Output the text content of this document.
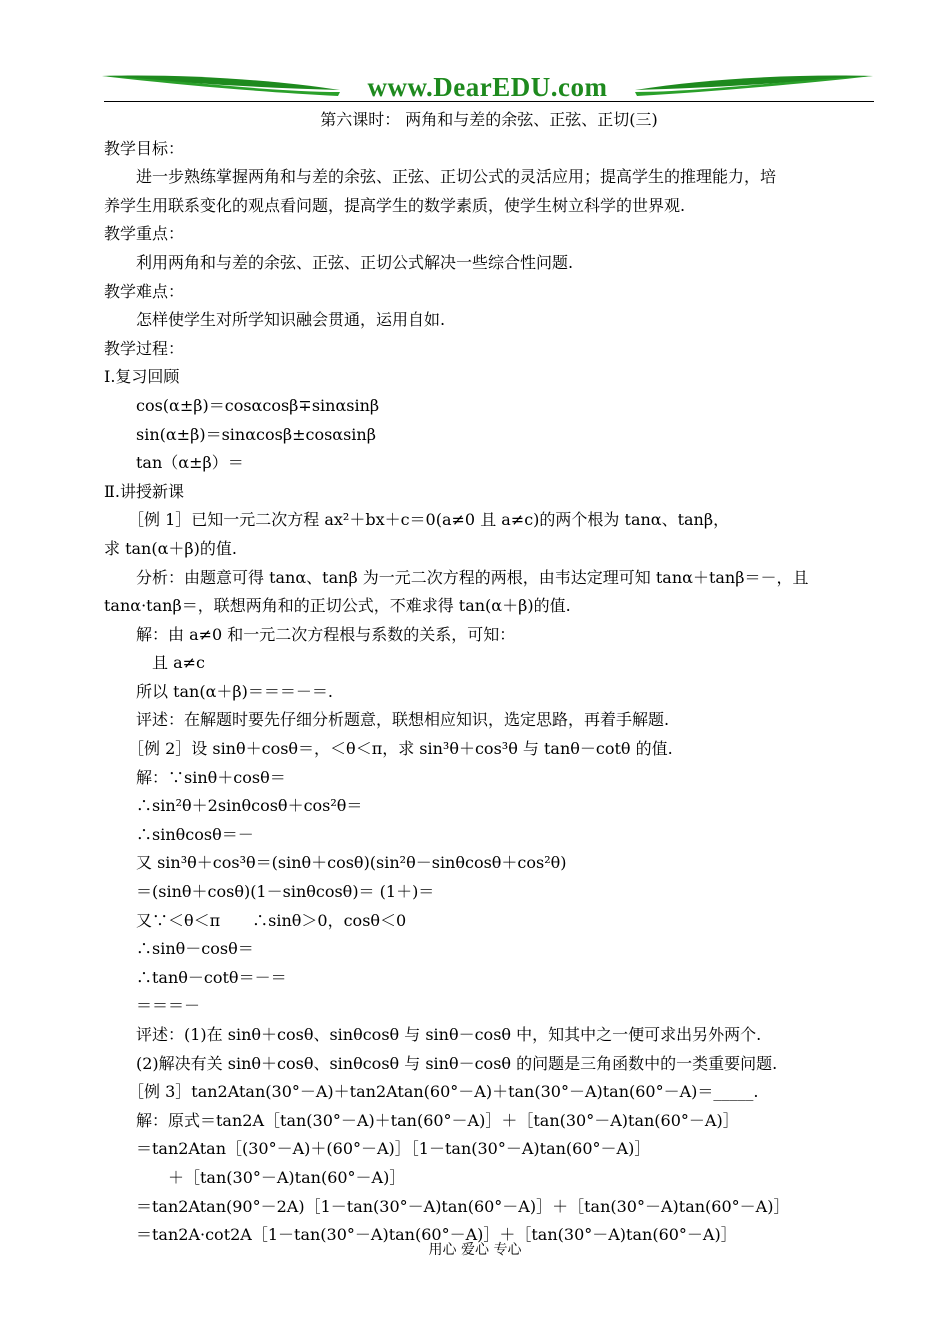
www.DearEDU.com
第六课时： 两角和与差的余弦、正弦、正切(三)
教学目标：
　　进一步熟练掌握两角和与差的余弦、正弦、正切公式的灵活应用；提高学生的推理能力，培
养学生用联系变化的观点看问题，提高学生的数学素质，使学生树立科学的世界观.
教学重点：
　　利用两角和与差的余弦、正弦、正切公式解决一些综合性问题.
教学难点：
　　怎样使学生对所学知识融会贯通，运用自如.
教学过程：
Ⅰ.复习回顾
　　cos(α±β)＝cosαcosβ∓sinαsinβ
　　sin(α±β)＝sinαcosβ±cosαsinβ
　　tan（α±β）＝
Ⅱ.讲授新课
　　［例 1］已知一元二次方程 ax²＋bx＋c＝0(a≠0 且 a≠c)的两个根为 tanα、tanβ，
求 tan(α＋β)的值.
　　分析：由题意可得 tanα、tanβ 为一元二次方程的两根，由韦达定理可知 tanα＋tanβ＝－，且
tanα·tanβ＝，联想两角和的正切公式，不难求得 tan(α＋β)的值.
　　解：由 a≠0 和一元二次方程根与系数的关系，可知：
　　　且 a≠c
　　所以 tan(α＋β)＝＝＝－＝.
　　评述：在解题时要先仔细分析题意，联想相应知识，选定思路，再着手解题.
　　［例 2］设 sinθ＋cosθ＝，＜θ＜π，求 sin³θ＋cos³θ 与 tanθ－cotθ 的值.
　　解：∵sinθ＋cosθ＝
　　∴sin²θ＋2sinθcosθ＋cos²θ＝
　　∴sinθcosθ＝－
　　又 sin³θ＋cos³θ＝(sinθ＋cosθ)(sin²θ－sinθcosθ＋cos²θ)
　　＝(sinθ＋cosθ)(1－sinθcosθ)＝ (1＋)＝
　　又∵＜θ＜π　　∴sinθ＞0，cosθ＜0
　　∴sinθ－cosθ＝
　　∴tanθ－cotθ＝－＝
　　＝＝＝－
　　评述：(1)在 sinθ＋cosθ、sinθcosθ 与 sinθ－cosθ 中，知其中之一便可求出另外两个.
　　(2)解决有关 sinθ＋cosθ、sinθcosθ 与 sinθ－cosθ 的问题是三角函数中的一类重要问题.
　　［例 3］tan2Atan(30°－A)＋tan2Atan(60°－A)＋tan(30°－A)tan(60°－A)＝_____.
　　解：原式＝tan2A［tan(30°－A)＋tan(60°－A)］＋［tan(30°－A)tan(60°－A)］
　　＝tan2Atan［(30°－A)＋(60°－A)］［1－tan(30°－A)tan(60°－A)］
　　　　＋［tan(30°－A)tan(60°－A)］
　　＝tan2Atan(90°－2A)［1－tan(30°－A)tan(60°－A)］＋［tan(30°－A)tan(60°－A)］
　　＝tan2A·cot2A［1－tan(30°－A)tan(60°－A)］＋［tan(30°－A)tan(60°－A)］
用心 爱心 专心
